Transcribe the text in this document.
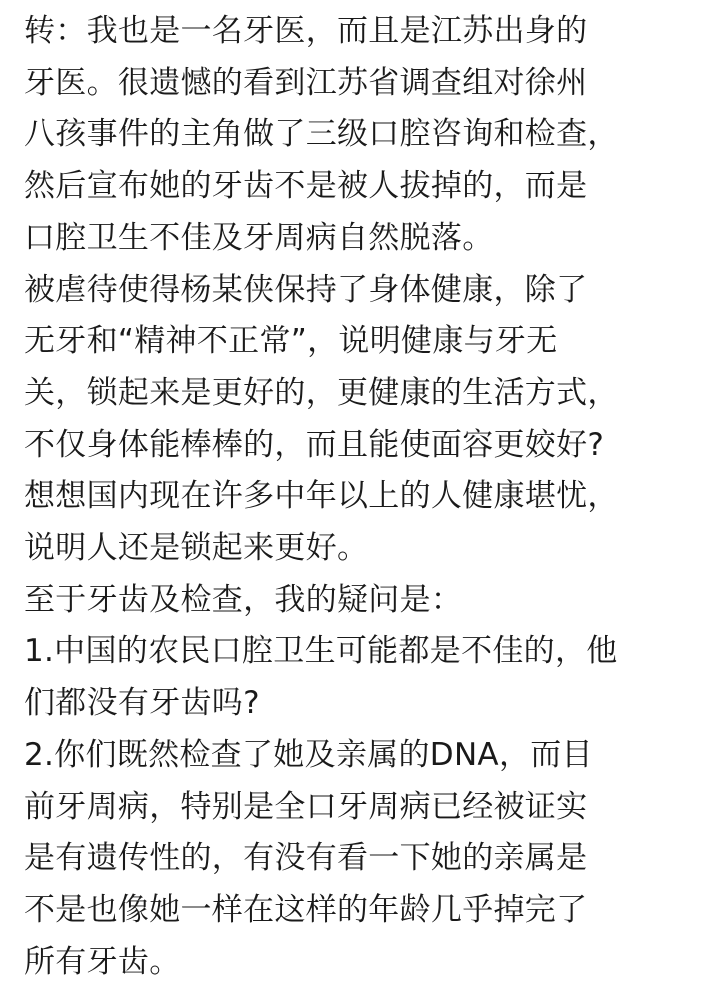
转：我也是一名牙医，而且是江苏出身的
牙医。很遗憾的看到江苏省调查组对徐州
八孩事件的主角做了三级口腔咨询和检查，
然后宣布她的牙齿不是被人拔掉的，而是
口腔卫生不佳及牙周病自然脱落。
被虐待使得杨某侠保持了身体健康，除了
无牙和“精神不正常”，说明健康与牙无
关，锁起来是更好的，更健康的生活方式，
不仅身体能棒棒的，而且能使面容更姣好?
想想国内现在许多中年以上的人健康堪忧，
说明人还是锁起来更好。
至于牙齿及检查，我的疑问是：
1.中国的农民口腔卫生可能都是不佳的，他
们都没有牙齿吗?
2.你们既然检查了她及亲属的DNA，而目
前牙周病，特别是全口牙周病已经被证实
是有遗传性的，有没有看一下她的亲属是
不是也像她一样在这样的年龄几乎掉完了
所有牙齿。
